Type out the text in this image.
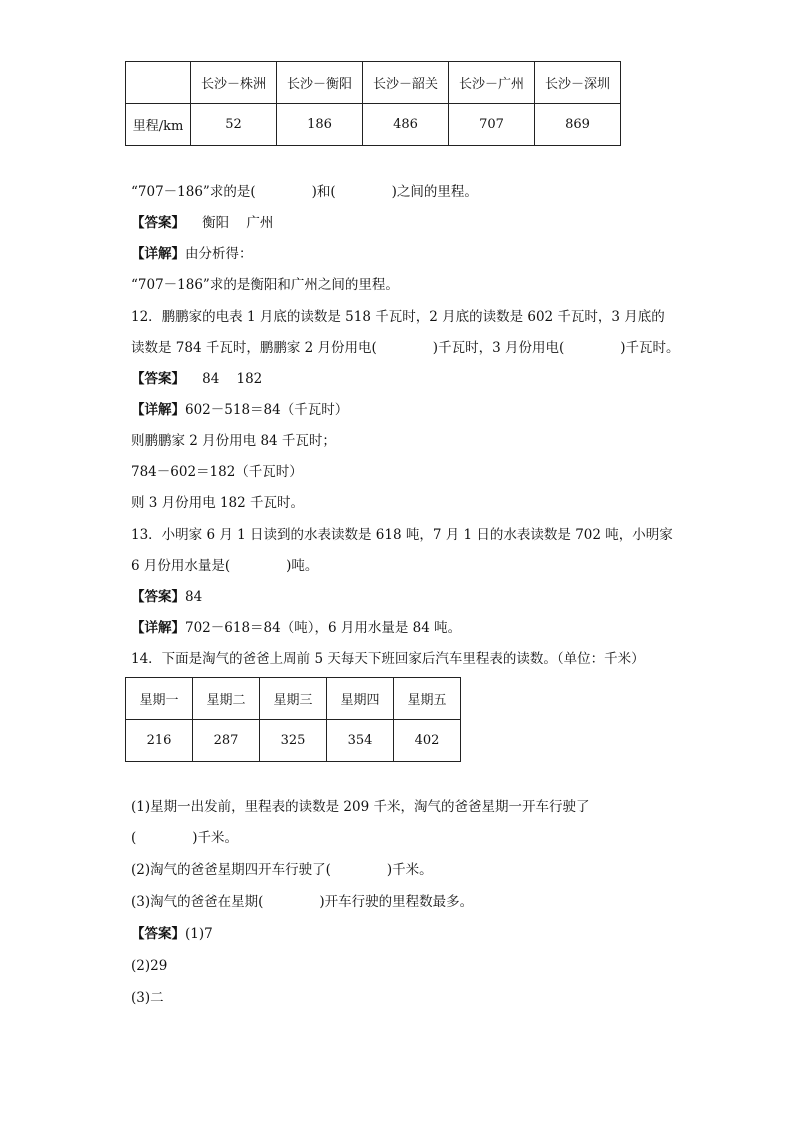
	长沙－株洲	长沙－衡阳	长沙－韶关	长沙－广州	长沙－深圳
里程/km	52	186	486	707	869
“707－186”求的是(	)和(	)之间的里程。
【答案】    衡阳    广州
【详解】由分析得：
“707－186”求的是衡阳和广州之间的里程。
12．鹏鹏家的电表 1 月底的读数是 518 千瓦时，2 月底的读数是 602 千瓦时，3 月底的
读数是 784 千瓦时，鹏鹏家 2 月份用电(	)千瓦时，3 月份用电(	)千瓦时。
【答案】    84    182
【详解】602－518＝84（千瓦时）
则鹏鹏家 2 月份用电 84 千瓦时；
784－602＝182（千瓦时）
则 3 月份用电 182 千瓦时。
13．小明家 6 月 1 日读到的水表读数是 618 吨，7 月 1 日的水表读数是 702 吨，小明家
6 月份用水量是(	)吨。
【答案】84
【详解】702－618＝84（吨），6 月用水量是 84 吨。
14．下面是淘气的爸爸上周前 5 天每天下班回家后汽车里程表的读数。（单位：千米）
星期一	星期二	星期三	星期四	星期五
216	287	325	354	402
(1)星期一出发前，里程表的读数是 209 千米，淘气的爸爸星期一开车行驶了
(	)千米。
(2)淘气的爸爸星期四开车行驶了(	)千米。
(3)淘气的爸爸在星期(	)开车行驶的里程数最多。
【答案】(1)7
(2)29
(3)二
